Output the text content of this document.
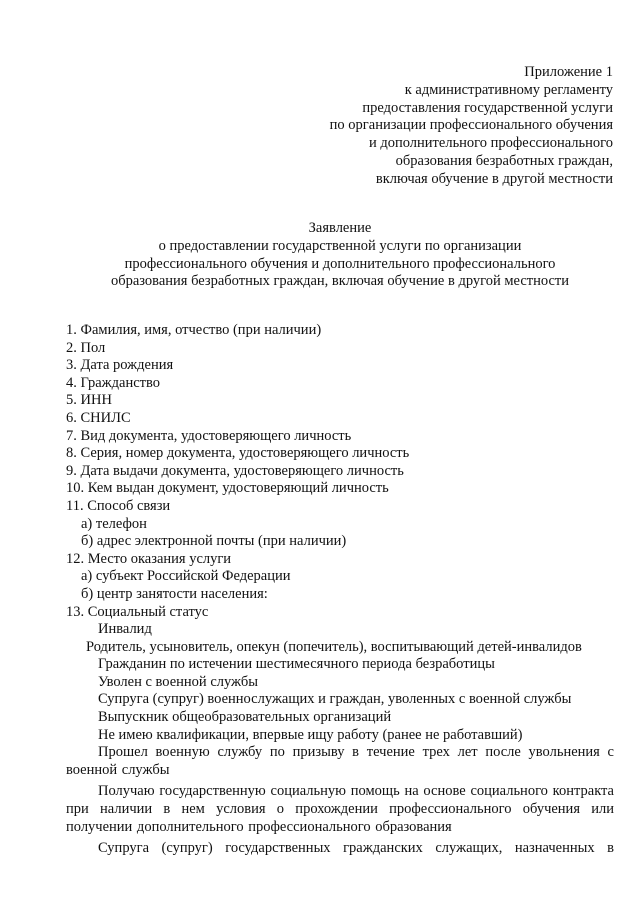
Приложение 1
к административному регламенту
предоставления государственной услуги
по организации профессионального обучения
и дополнительного профессионального
образования безработных граждан,
включая обучение в другой местности
Заявление
о предоставлении государственной услуги по организации
профессионального обучения и дополнительного профессионального
образования безработных граждан, включая обучение в другой местности
1. Фамилия, имя, отчество (при наличии)
2. Пол
3. Дата рождения
4. Гражданство
5. ИНН
6. СНИЛС
7. Вид документа, удостоверяющего личность
8. Серия, номер документа, удостоверяющего личность
9. Дата выдачи документа, удостоверяющего личность
10. Кем выдан документ, удостоверяющий личность
11. Способ связи
а) телефон
б) адрес электронной почты (при наличии)
12. Место оказания услуги
а) субъект Российской Федерации
б) центр занятости населения:
13. Социальный статус
Инвалид
Родитель, усыновитель, опекун (попечитель), воспитывающий детей-инвалидов
Гражданин по истечении шестимесячного периода безработицы
Уволен с военной службы
Супруга (супруг) военнослужащих и граждан, уволенных с военной службы
Выпускник общеобразовательных организаций
Не имею квалификации, впервые ищу работу (ранее не работавший)
Прошел военную службу по призыву в течение трех лет после увольнения с военной службы
Получаю государственную социальную помощь на основе социального контракта при наличии в нем условия о прохождении профессионального обучения или получении дополнительного профессионального образования
Супруга (супруг) государственных гражданских служащих, назначенных в
